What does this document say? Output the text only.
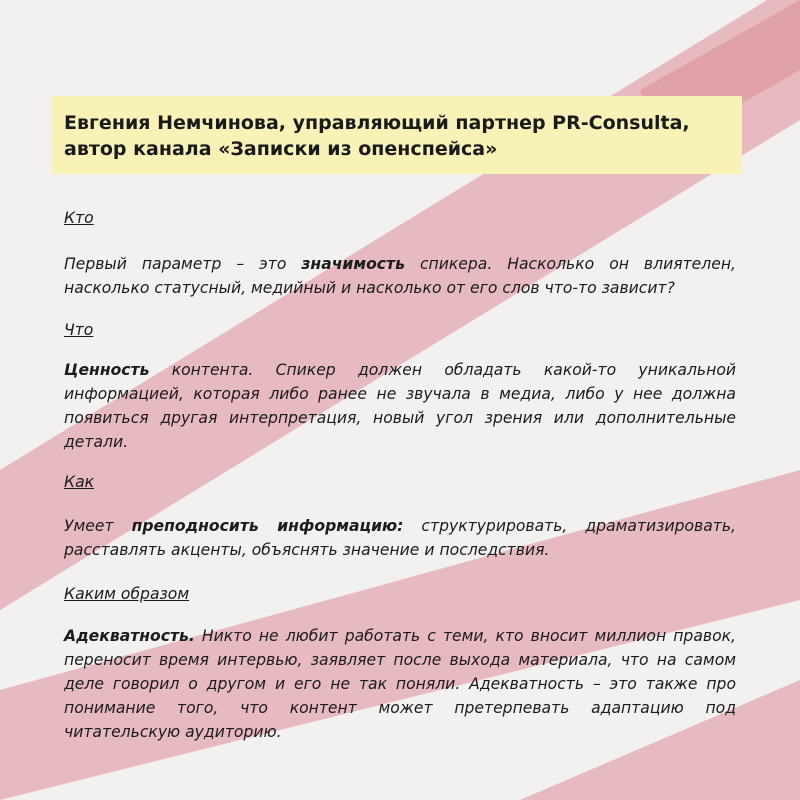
Евгения Немчинова, управляющий партнер PR-Consulta,
автор канала «Записки из опенспейса»
Кто
Первый параметр – это значимость спикера. Насколько он влиятелен,
насколько статусный, медийный и насколько от его слов что-то зависит?
Что
Ценность контента. Спикер должен обладать какой-то уникальной
информацией, которая либо ранее не звучала в медиа, либо у нее должна
появиться другая интерпретация, новый угол зрения или дополнительные
детали.
Как
Умеет преподносить информацию: структурировать, драматизировать,
расставлять акценты, объяснять значение и последствия.
Каким образом
Адекватность. Никто не любит работать с теми, кто вносит миллион правок,
переносит время интервью, заявляет после выхода материала, что на самом
деле говорил о другом и его не так поняли. Адекватность – это также про
понимание того, что контент может претерпевать адаптацию под
читательскую аудиторию.
